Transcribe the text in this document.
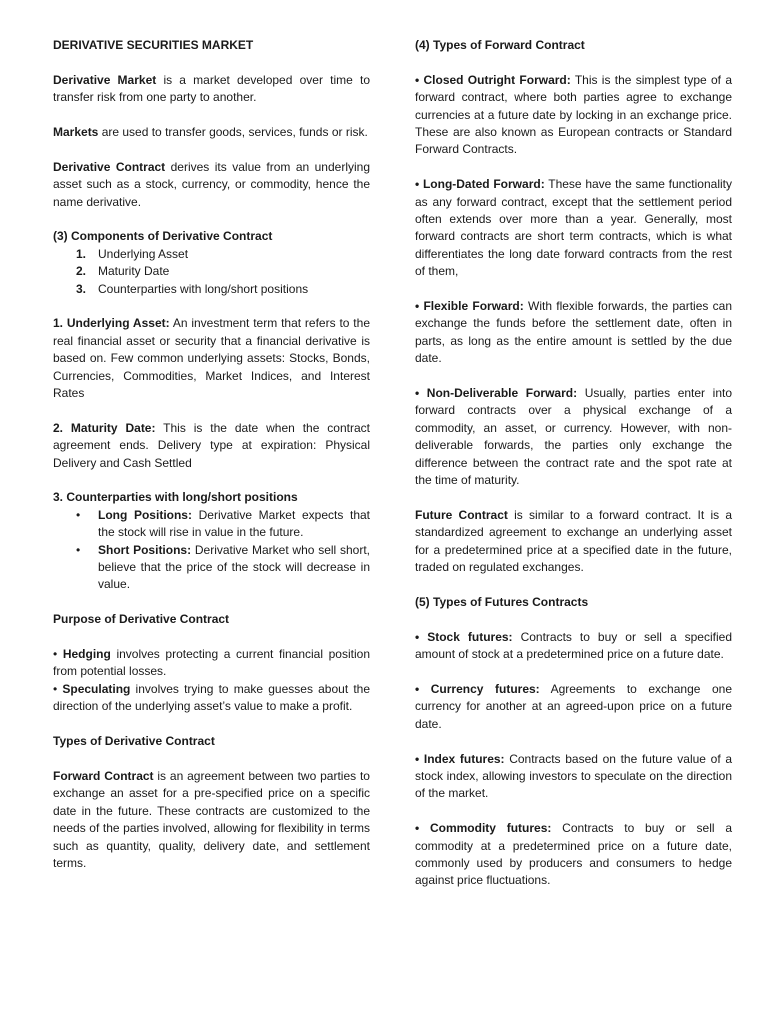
DERIVATIVE SECURITIES MARKET

Derivative Market is a market developed over time to transfer risk from one party to another.

Markets are used to transfer goods, services, funds or risk.

Derivative Contract derives its value from an underlying asset such as a stock, currency, or commodity, hence the name derivative.

(3) Components of Derivative Contract

1. Underlying Asset
2. Maturity Date
3. Counterparties with long/short positions

1. Underlying Asset: An investment term that refers to the real financial asset or security that a financial derivative is based on. Few common underlying assets: Stocks, Bonds, Currencies, Commodities, Market Indices, and Interest Rates

2. Maturity Date: This is the date when the contract agreement ends. Delivery type at expiration: Physical Delivery and Cash Settled

3. Counterparties with long/short positions

• Long Positions: Derivative Market expects that the stock will rise in value in the future.
• Short Positions: Derivative Market who sell short, believe that the price of the stock will decrease in value.

Purpose of Derivative Contract

• Hedging involves protecting a current financial position from potential losses.

• Speculating involves trying to make guesses about the direction of the underlying asset’s value to make a profit.

Types of Derivative Contract

Forward Contract is an agreement between two parties to exchange an asset for a pre-specified price on a specific date in the future. These contracts are customized to the needs of the parties involved, allowing for flexibility in terms such as quantity, quality, delivery date, and settlement terms.

(4) Types of Forward Contract

• Closed Outright Forward: This is the simplest type of a forward contract, where both parties agree to exchange currencies at a future date by locking in an exchange price. These are also known as European contracts or Standard Forward Contracts.

• Long-Dated Forward: These have the same functionality as any forward contract, except that the settlement period often extends over more than a year. Generally, most forward contracts are short term contracts, which is what differentiates the long date forward contracts from the rest of them,

• Flexible Forward: With flexible forwards, the parties can exchange the funds before the settlement date, often in parts, as long as the entire amount is settled by the due date.

• Non-Deliverable Forward: Usually, parties enter into forward contracts over a physical exchange of a commodity, an asset, or currency. However, with non-deliverable forwards, the parties only exchange the difference between the contract rate and the spot rate at the time of maturity.

Future Contract is similar to a forward contract. It is a standardized agreement to exchange an underlying asset for a predetermined price at a specified date in the future, traded on regulated exchanges.

(5) Types of Futures Contracts

• Stock futures: Contracts to buy or sell a specified amount of stock at a predetermined price on a future date.

• Currency futures: Agreements to exchange one currency for another at an agreed-upon price on a future date.

• Index futures: Contracts based on the future value of a stock index, allowing investors to speculate on the direction of the market.

• Commodity futures: Contracts to buy or sell a commodity at a predetermined price on a future date, commonly used by producers and consumers to hedge against price fluctuations.
